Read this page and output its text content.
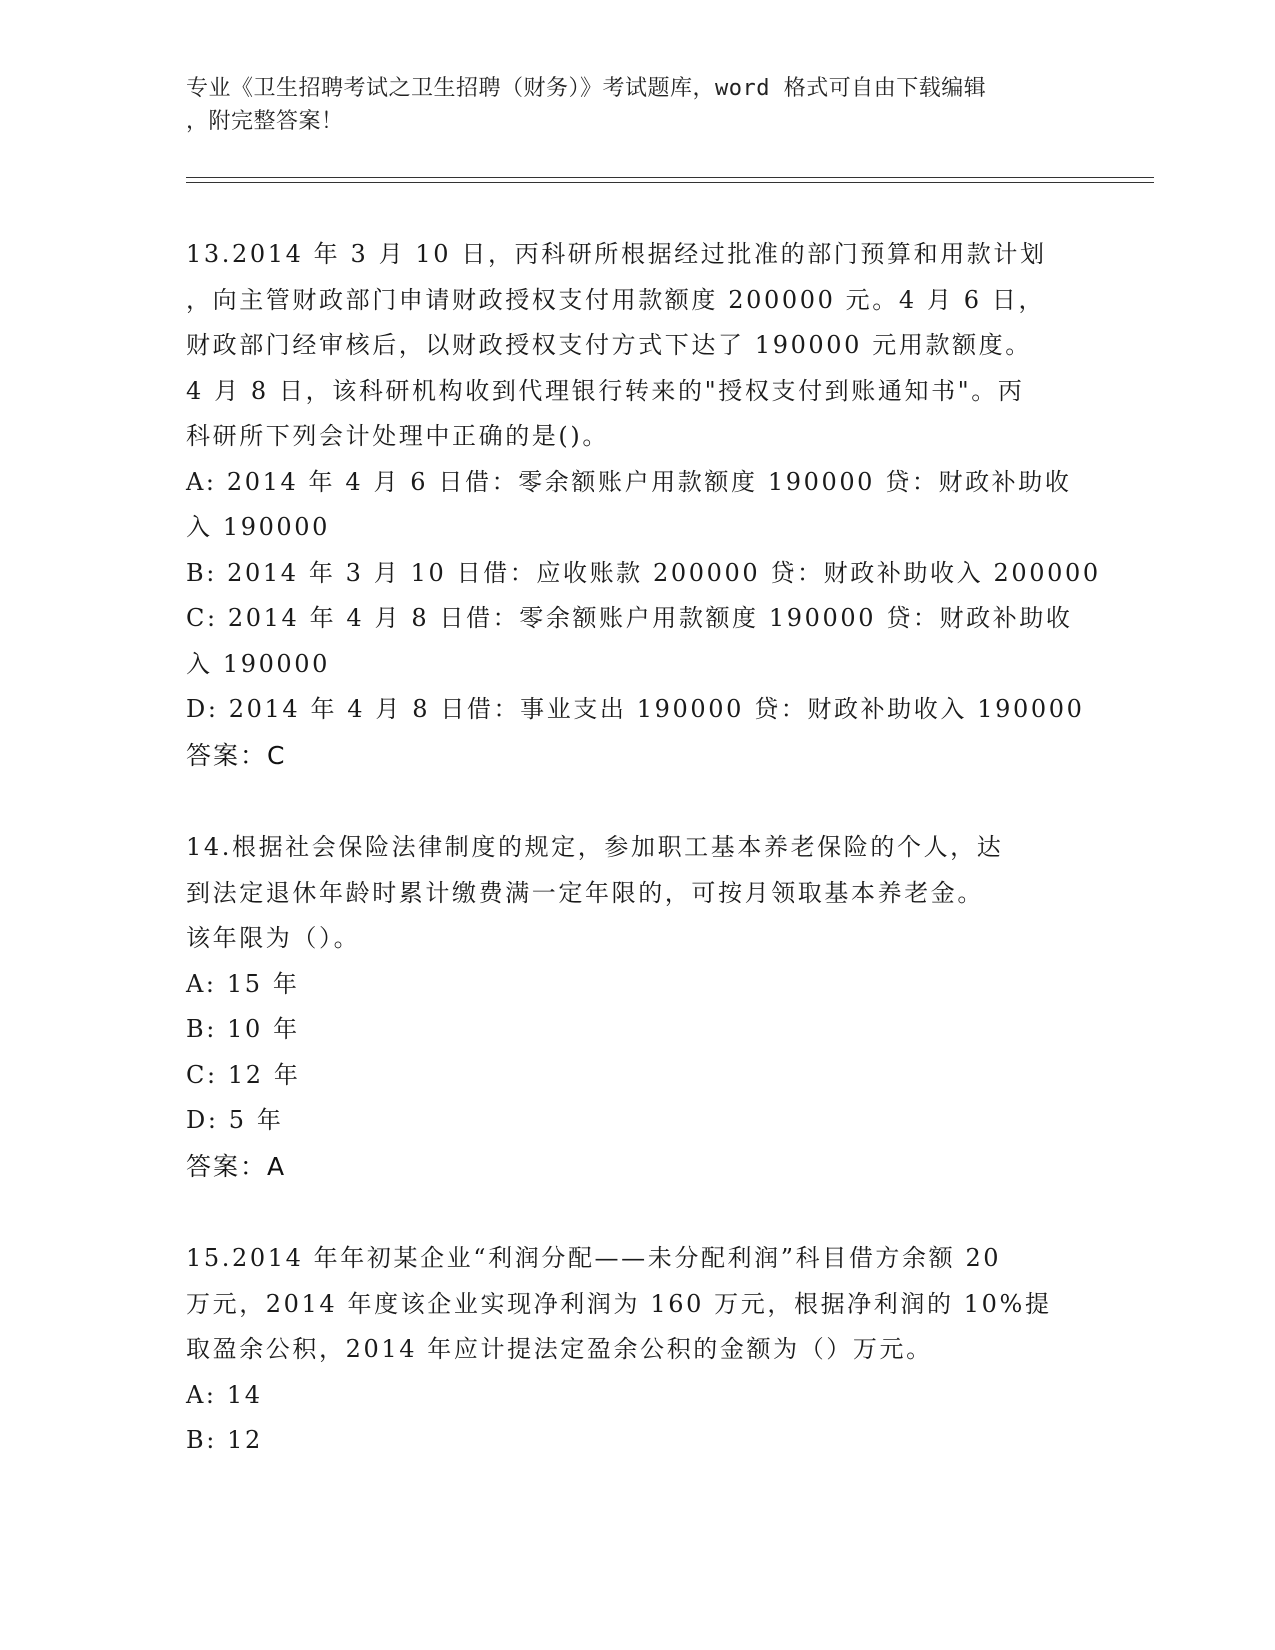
专业《卫生招聘考试之卫生招聘（财务）》考试题库，word 格式可自由下载编辑
，附完整答案！

13.2014 年 3 月 10 日，丙科研所根据经过批准的部门预算和用款计划

，向主管财政部门申请财政授权支付用款额度 200000 元。4 月 6 日，

财政部门经审核后，以财政授权支付方式下达了 190000 元用款额度。

4 月 8 日，该科研机构收到代理银行转来的"授权支付到账通知书"。丙

科研所下列会计处理中正确的是()。

A: 2014 年 4 月 6 日借：零余额账户用款额度 190000 贷：财政补助收

入 190000

B: 2014 年 3 月 10 日借：应收账款 200000 贷：财政补助收入 200000

C: 2014 年 4 月 8 日借：零余额账户用款额度 190000 贷：财政补助收

入 190000

D: 2014 年 4 月 8 日借：事业支出 190000 贷：财政补助收入 190000

答案：C

14.根据社会保险法律制度的规定，参加职工基本养老保险的个人，达

到法定退休年龄时累计缴费满一定年限的，可按月领取基本养老金。

该年限为（）。

A: 15 年

B: 10 年

C: 12 年

D: 5 年

答案：A

15.2014 年年初某企业“利润分配——未分配利润”科目借方余额 20

万元，2014 年度该企业实现净利润为 160 万元，根据净利润的 10%提

取盈余公积，2014 年应计提法定盈余公积的金额为（）万元。

A: 14

B: 12
